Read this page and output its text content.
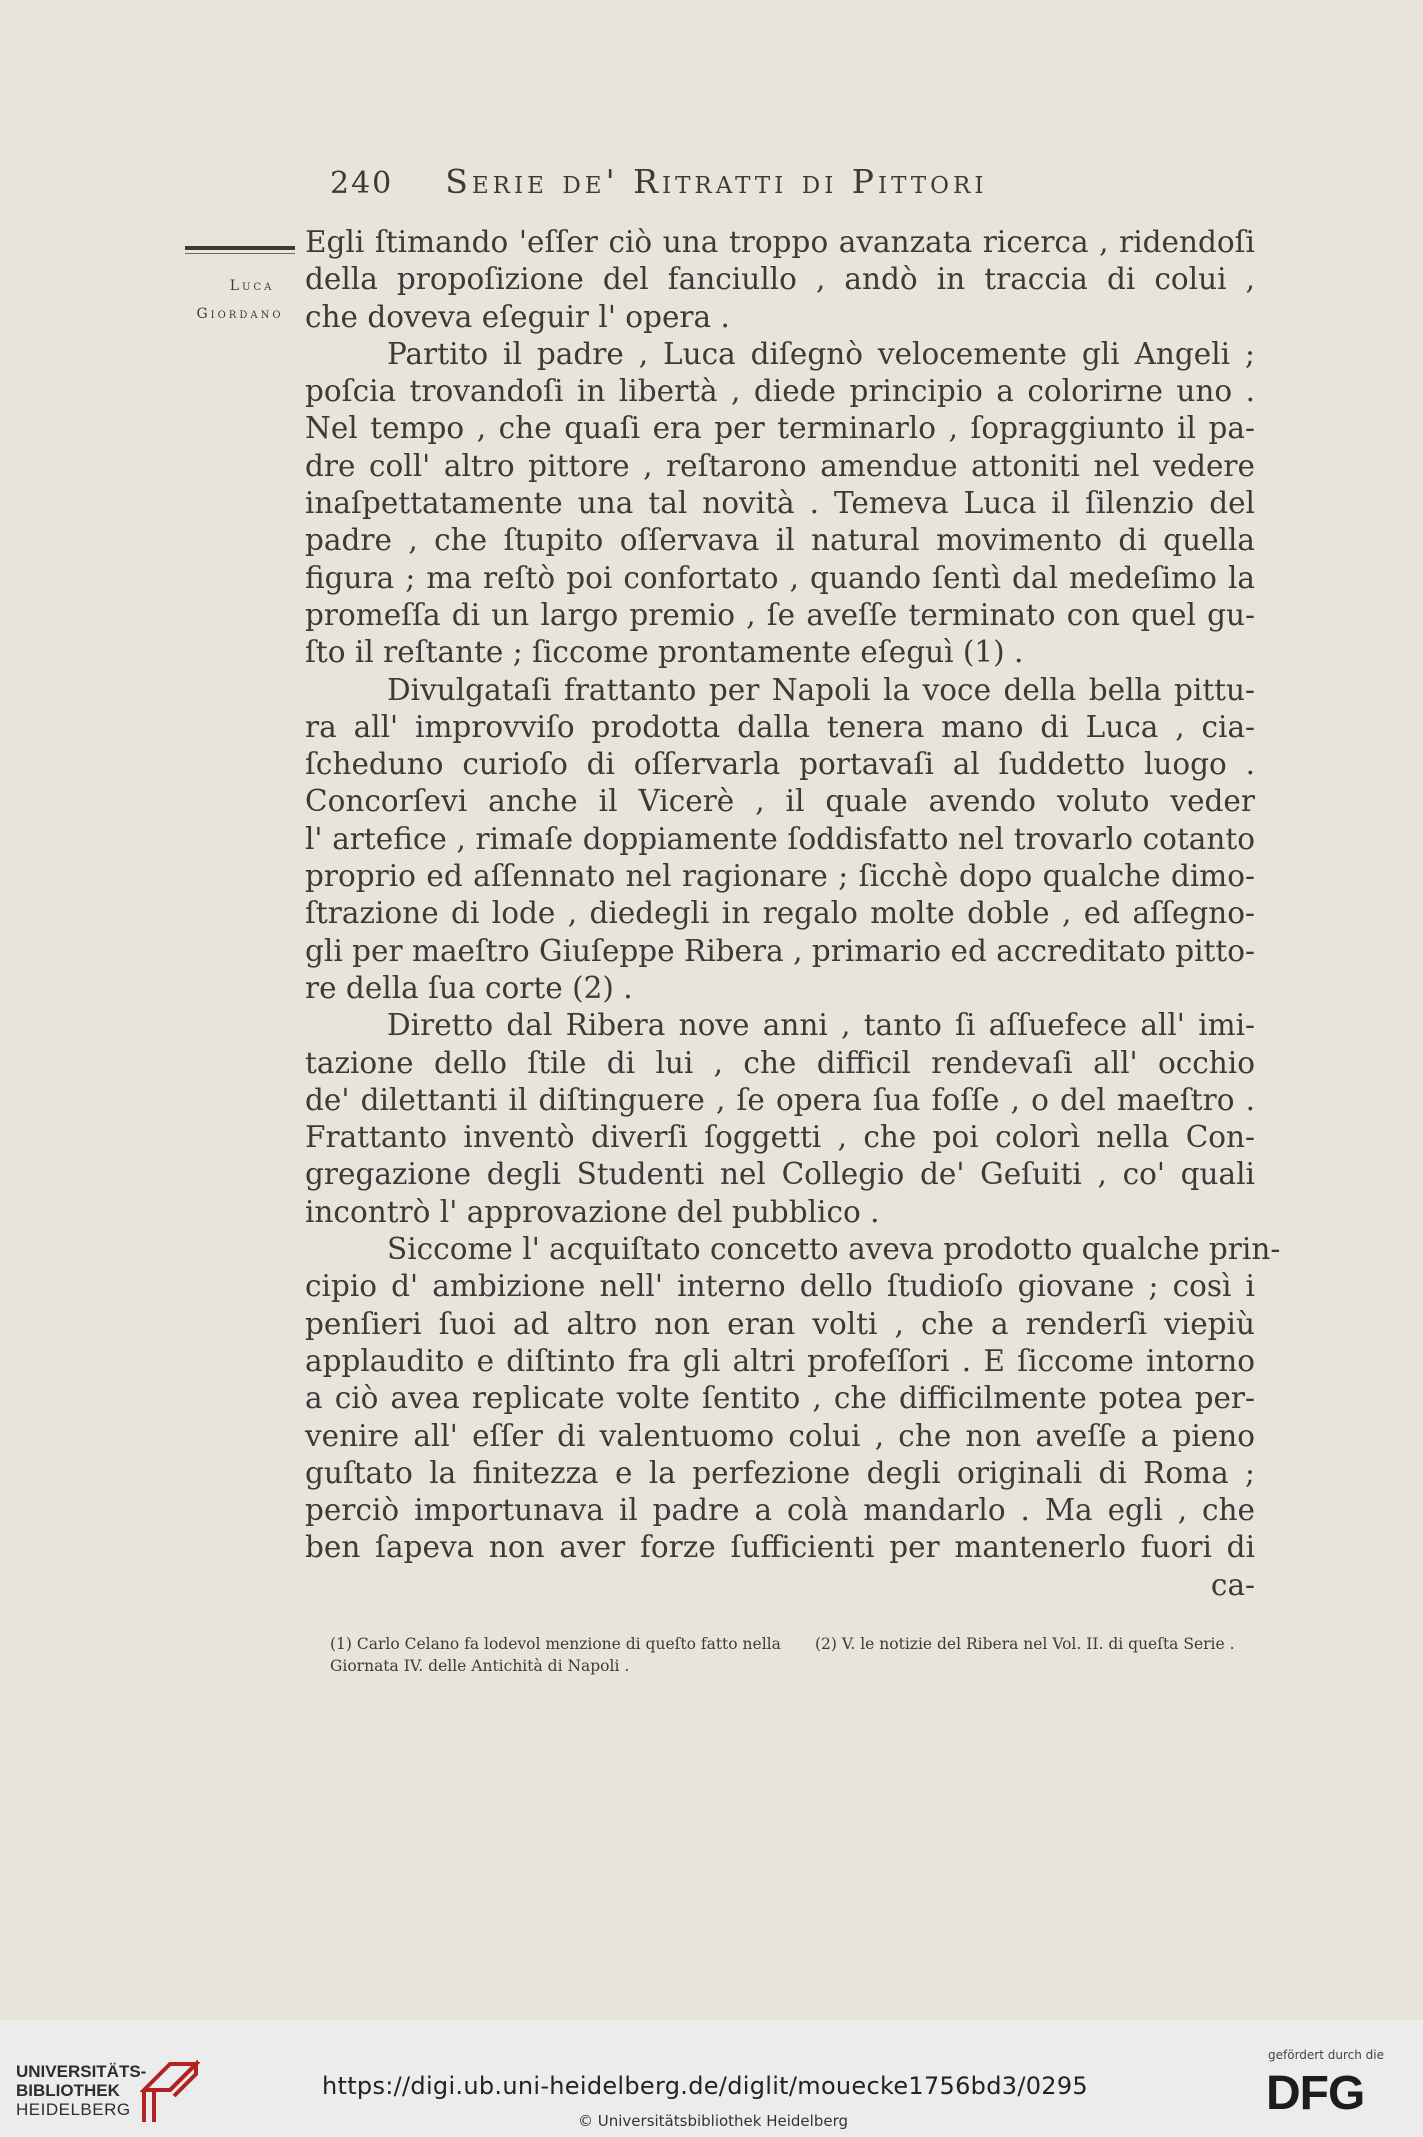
240 Serie de' Ritratti di Pittori
Luca
Giordano
Egli ſtimando 'eſſer ciò una troppo avanzata ricerca , ridendoſi
della propoſizione del fanciullo , andò in traccia di colui ,
che doveva eſeguir l' opera .
Partito il padre , Luca diſegnò velocemente gli Angeli ;
poſcia trovandoſi in libertà , diede principio a colorirne uno .
Nel tempo , che quaſi era per terminarlo , ſopraggiunto il pa-
dre coll' altro pittore , reſtarono amendue attoniti nel vedere
inaſpettatamente una tal novità . Temeva Luca il ſilenzio del
padre , che ſtupito oſſervava il natural movimento di quella
figura ; ma reſtò poi confortato , quando ſentì dal medeſimo la
promeſſa di un largo premio , ſe aveſſe terminato con quel gu-
ſto il reſtante ; ſiccome prontamente eſeguì (1) .
Divulgataſi frattanto per Napoli la voce della bella pittu-
ra all' improvviſo prodotta dalla tenera mano di Luca , cia-
ſcheduno curioſo di oſſervarla portavaſi al ſuddetto luogo .
Concorſevi anche il Vicerè , il quale avendo voluto veder
l' artefice , rimaſe doppiamente ſoddisfatto nel trovarlo cotanto
proprio ed aſſennato nel ragionare ; ſicchè dopo qualche dimo-
ſtrazione di lode , diedegli in regalo molte doble , ed aſſegno-
gli per maeſtro Giuſeppe Ribera , primario ed accreditato pitto-
re della ſua corte (2) .
Diretto dal Ribera nove anni , tanto ſi aſſuefece all' imi-
tazione dello ſtile di lui , che difficil rendevaſi all' occhio
de' dilettanti il diſtinguere , ſe opera ſua foſſe , o del maeſtro .
Frattanto inventò diverſi ſoggetti , che poi colorì nella Con-
gregazione degli Studenti nel Collegio de' Geſuiti , co' quali
incontrò l' approvazione del pubblico .
Siccome l' acquiſtato concetto aveva prodotto qualche prin-
cipio d' ambizione nell' interno dello ſtudioſo giovane ; così i
penſieri ſuoi ad altro non eran volti , che a renderſi viepiù
applaudito e diſtinto fra gli altri profeſſori . E ſiccome intorno
a ciò avea replicate volte ſentito , che difficilmente potea per-
venire all' eſſer di valentuomo colui , che non aveſſe a pieno
guſtato la finitezza e la perfezione degli originali di Roma ;
perciò importunava il padre a colà mandarlo . Ma egli , che
ben ſapeva non aver forze ſufficienti per mantenerlo fuori di
ca-
(1) Carlo Celano fa lodevol menzione di queſto fatto nella Giornata IV. delle Antichità di Napoli .
(2) V. le notizie del Ribera nel Vol. II. di queſta Serie .
UNIVERSITÄTS-
BIBLIOTHEK
HEIDELBERG
https://digi.ub.uni-heidelberg.de/diglit/mouecke1756bd3/0295
© Universitätsbibliothek Heidelberg
gefördert durch die
DFG
